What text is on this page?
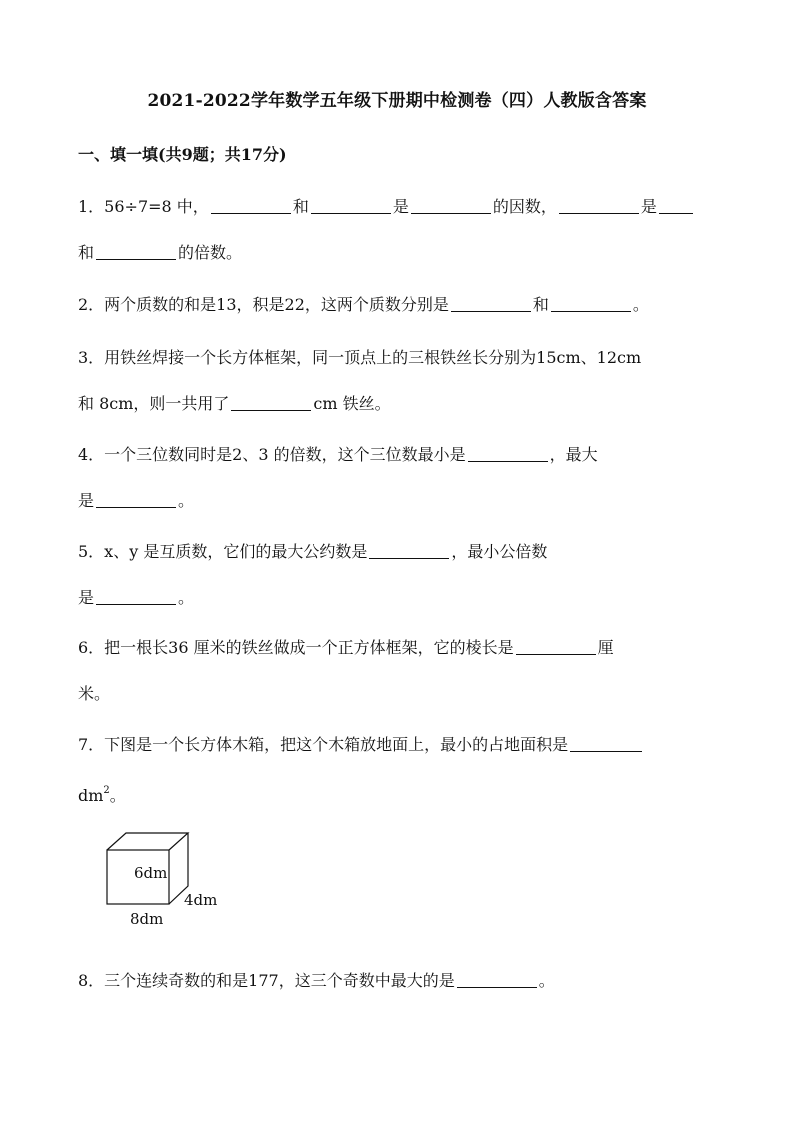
2021-2022学年数学五年级下册期中检测卷（四）人教版含答案
一、填一填(共9题；共17分)
1．56÷7=8 中，	和	是	的因数，	是
和	的倍数。
2．两个质数的和是13，积是22，这两个质数分别是	和	。
3．用铁丝焊接一个长方体框架，同一顶点上的三根铁丝长分别为15cm、12cm
和 8cm，则一共用了	cm 铁丝。
4．一个三位数同时是2、3 的倍数，这个三位数最小是	，最大
是	。
5．x、y 是互质数，它们的最大公约数是	，最小公倍数
是	。
6．把一根长36 厘米的铁丝做成一个正方体框架，它的棱长是	厘
米。
7．下图是一个长方体木箱，把这个木箱放地面上，最小的占地面积是
$dm^2$。
6dm
4dm
8dm
8．三个连续奇数的和是177，这三个奇数中最大的是	。
